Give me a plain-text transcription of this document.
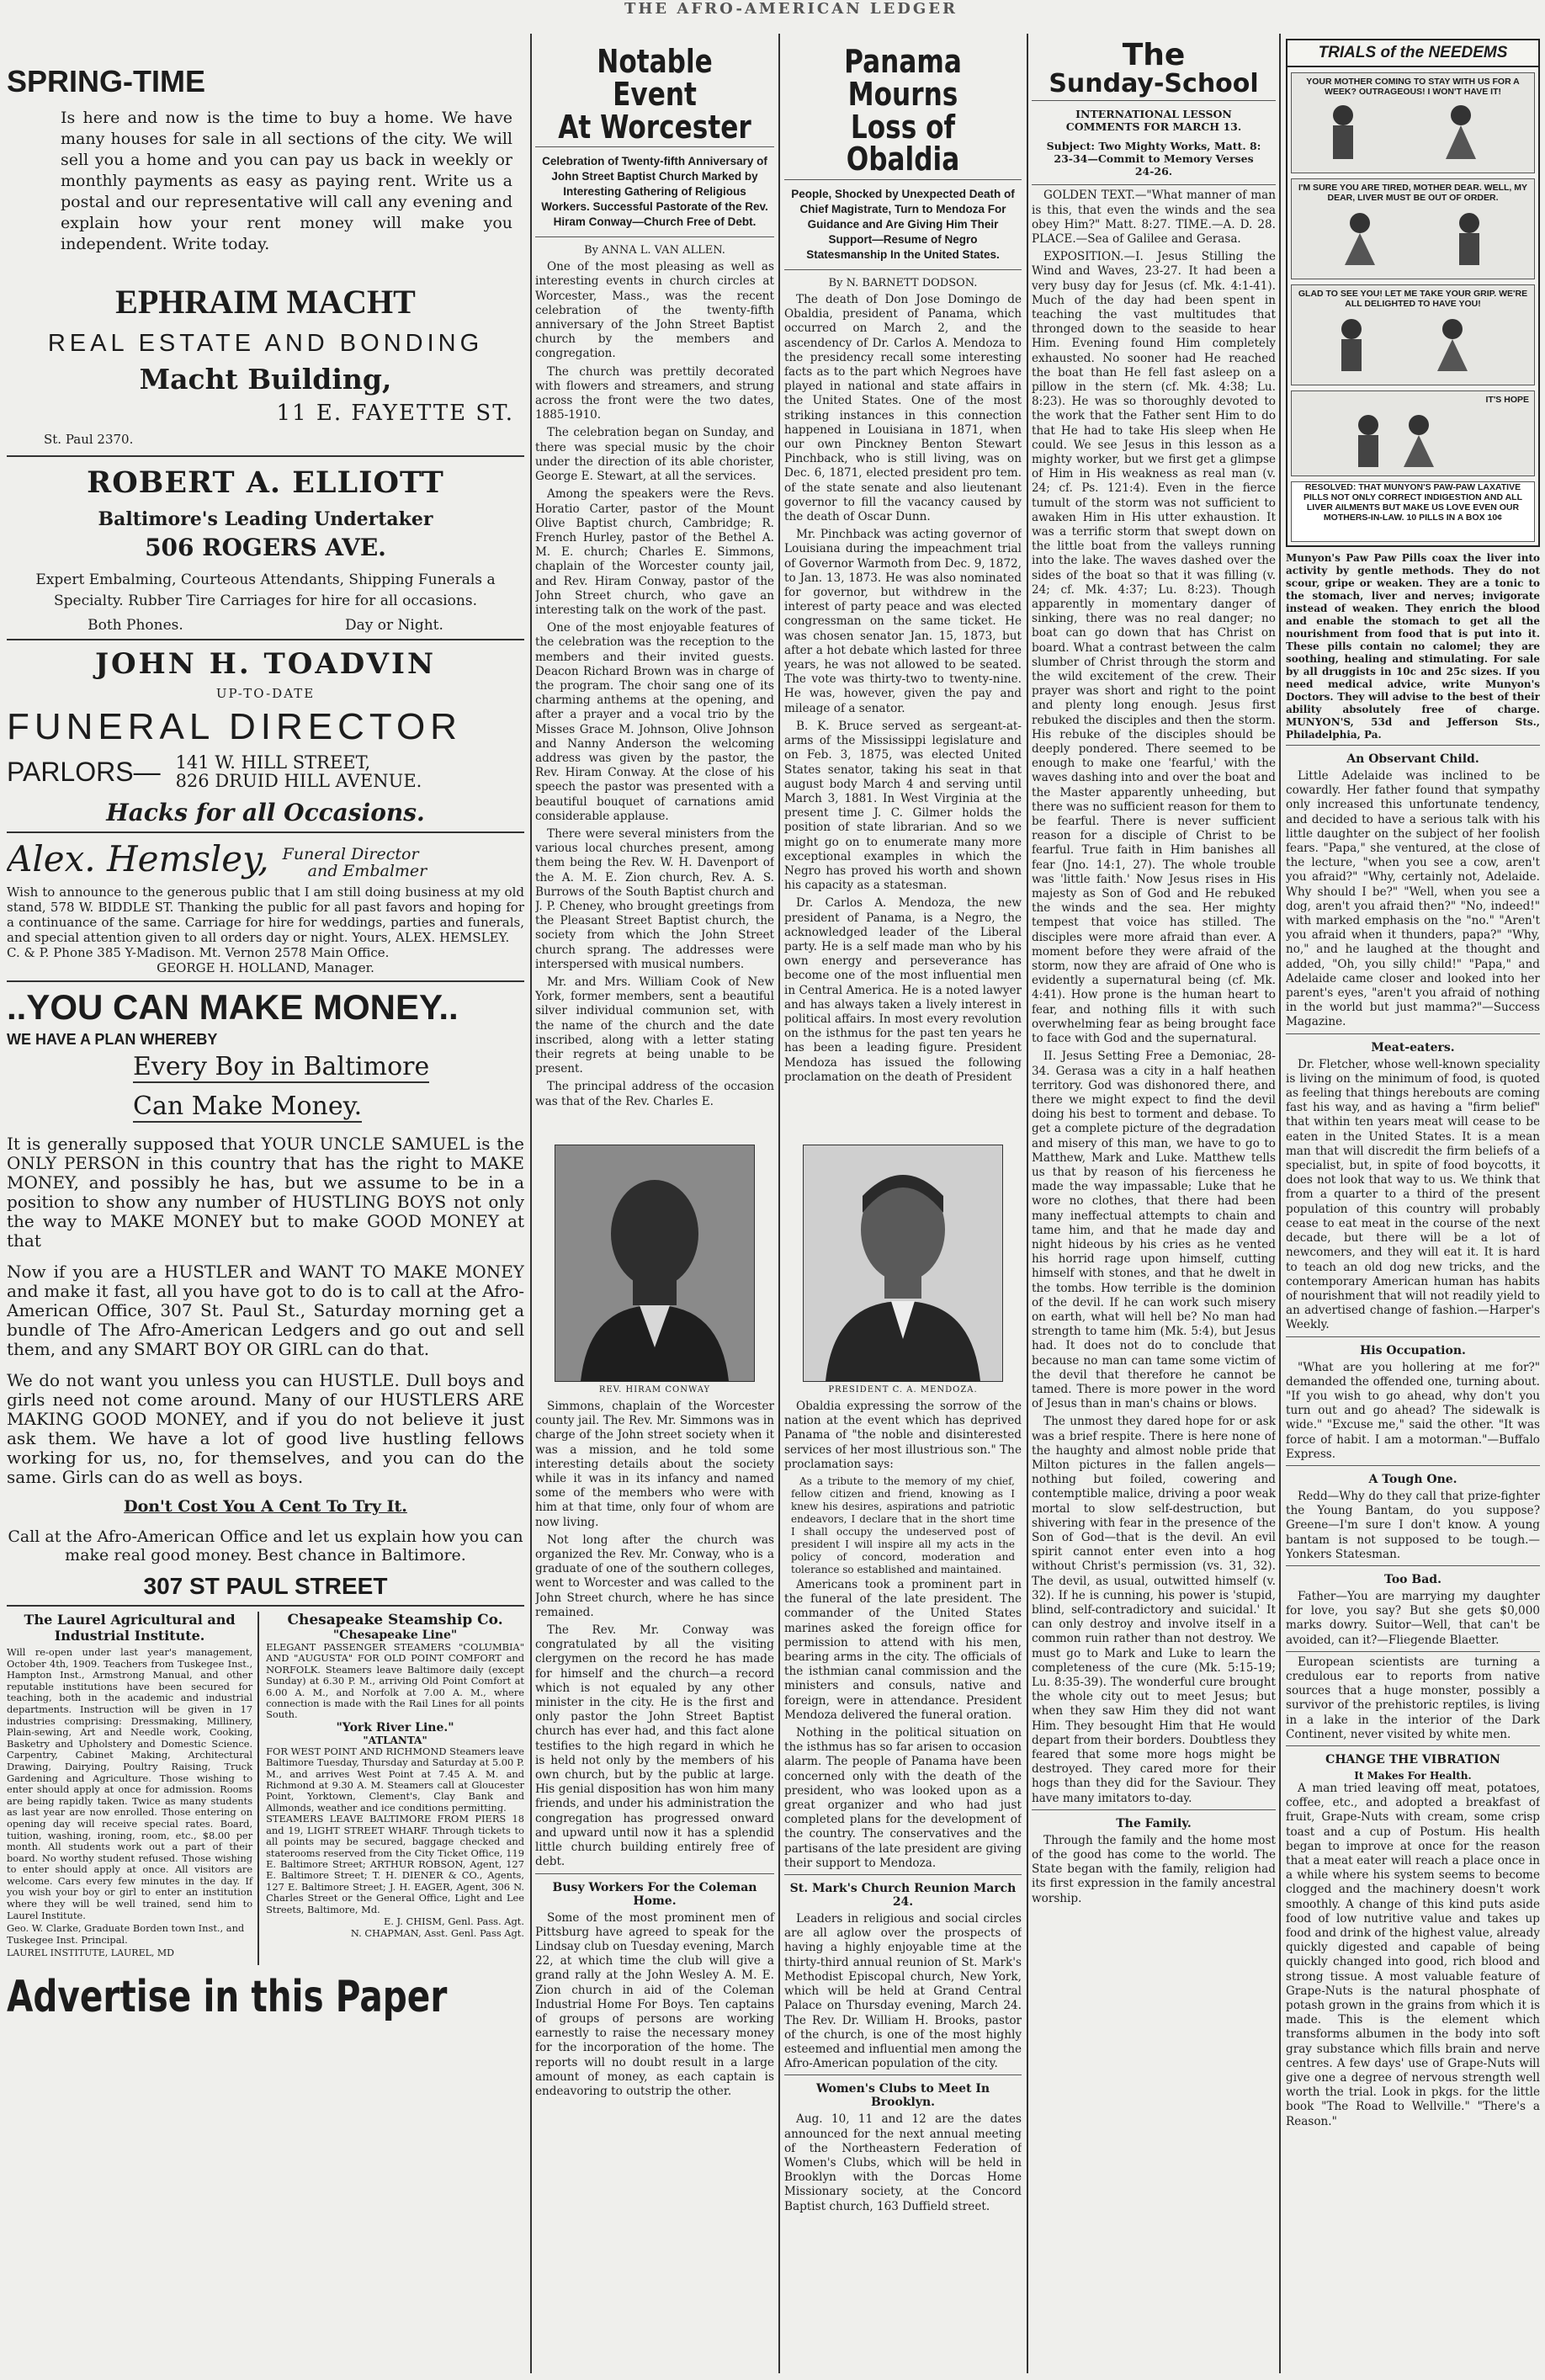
THE AFRO-AMERICAN LEDGER
SPRING-TIME
Is here and now is the time to buy a home. We have many houses for sale in all sections of the city. We will sell you a home and you can pay us back in weekly or monthly payments as easy as paying rent. Write us a postal and our representative will call any evening and explain how your rent money will make you independent. Write today.
EPHRAIM MACHT
REAL ESTATE AND BONDING
Macht Building,
11 E. FAYETTE ST.
St. Paul 2370.
ROBERT A. ELLIOTT
Baltimore's Leading Undertaker
506 ROGERS AVE.
Expert Embalming, Courteous Attendants, Shipping Funerals a Specialty. Rubber Tire Carriages for hire for all occasions.
Both Phones.	Day or Night.
JOHN H. TOADVIN
UP-TO-DATE
FUNERAL DIRECTOR
PARLORS— 141 W. HILL STREET,
826 DRUID HILL AVENUE.
Hacks for all Occasions.
Alex. Hemsley, Funeral Director
and Embalmer
Wish to announce to the generous public that I am still doing business at my old stand, 578 W. BIDDLE ST. Thanking the public for all past favors and hoping for a continuance of the same. Carriage for hire for weddings, parties and funerals, and special attention given to all orders day or night. Yours, ALEX. HEMSLEY.
C. & P. Phone 385 Y-Madison. Mt. Vernon 2578 Main Office.
GEORGE H. HOLLAND, Manager.
..YOU CAN MAKE MONEY..
WE HAVE A PLAN WHEREBY
Every Boy in Baltimore Can Make Money.
It is generally supposed that YOUR UNCLE SAMUEL is the ONLY PERSON in this country that has the right to MAKE MONEY, and possibly he has, but we assume to be in a position to show any number of HUSTLING BOYS not only the way to MAKE MONEY but to make GOOD MONEY at that
Now if you are a HUSTLER and WANT TO MAKE MONEY and make it fast, all you have got to do is to call at the Afro-American Office, 307 St. Paul St., Saturday morning get a bundle of The Afro-American Ledgers and go out and sell them, and any SMART BOY OR GIRL can do that.
We do not want you unless you can HUSTLE. Dull boys and girls need not come around. Many of our HUSTLERS ARE MAKING GOOD MONEY, and if you do not believe it just ask them. We have a lot of good live hustling fellows working for us, no, for themselves, and you can do the same. Girls can do as well as boys.
Don't Cost You A Cent To Try It.
Call at the Afro-American Office and let us explain how you can make real good money. Best chance in Baltimore.
307 ST PAUL STREET
The Laurel Agricultural and Industrial Institute.
Will re-open under last year's management, October 4th, 1909. Teachers from Tuskegee Inst., Hampton Inst., Armstrong Manual, and other reputable institutions have been secured for teaching, both in the academic and industrial departments. Instruction will be given in 17 industries comprising: Dressmaking, Millinery, Plain-sewing, Art and Needle work, Cooking, Basketry and Upholstery and Domestic Science. Carpentry, Cabinet Making, Architectural Drawing, Dairying, Poultry Raising, Truck Gardening and Agriculture. Those wishing to enter should apply at once for admission. Rooms are being rapidly taken. Twice as many students as last year are now enrolled. Those entering on opening day will receive special rates. Board, tuition, washing, ironing, room, etc., $8.00 per month. All students work out a part of their board. No worthy student refused. Those wishing to enter should apply at once. All visitors are welcome. Cars every few minutes in the day. If you wish your boy or girl to enter an institution where they will be well trained, send him to Laurel Institute.
Geo. W. Clarke, Graduate Borden town Inst., and Tuskegee Inst. Principal.
LAUREL INSTITUTE, LAUREL, MD
Chesapeake Steamship Co.
"Chesapeake Line"
ELEGANT PASSENGER STEAMERS "COLUMBIA" AND "AUGUSTA" FOR OLD POINT COMFORT and NORFOLK. Steamers leave Baltimore daily (except Sunday) at 6.30 P. M., arriving Old Point Comfort at 6.00 A. M., and Norfolk at 7.00 A. M., where connection is made with the Rail Lines for all points South.
"York River Line."
"ATLANTA"
FOR WEST POINT AND RICHMOND Steamers leave Baltimore Tuesday, Thursday and Saturday at 5.00 P. M., and arrives West Point at 7.45 A. M. and Richmond at 9.30 A. M. Steamers call at Gloucester Point, Yorktown, Clement's, Clay Bank and Allmonds, weather and ice conditions permitting.
STEAMERS LEAVE BALTIMORE FROM PIERS 18 and 19, LIGHT STREET WHARF. Through tickets to all points may be secured, baggage checked and staterooms reserved from the City Ticket Office, 119 E. Baltimore Street; ARTHUR ROBSON, Agent, 127 E. Baltimore Street; T. H. DIENER & CO., Agents, 127 E. Baltimore Street; J. H. EAGER, Agent, 306 N. Charles Street or the General Office, Light and Lee Streets, Baltimore, Md.
E. J. CHISM, Genl. Pass. Agt.
N. CHAPMAN, Asst. Genl. Pass Agt.
Advertise in this Paper
Notable Event
At Worcester
Celebration of Twenty-fifth Anniversary of John Street Baptist Church Marked by Interesting Gathering of Religious Workers. Successful Pastorate of the Rev. Hiram Conway—Church Free of Debt.
By ANNA L. VAN ALLEN.

One of the most pleasing as well as interesting events in church circles at Worcester, Mass., was the recent celebration of the twenty-fifth anniversary of the John Street Baptist church by the members and congregation.

The church was prettily decorated with flowers and streamers, and strung across the front were the two dates, 1885-1910.

The celebration began on Sunday, and there was special music by the choir under the direction of its able chorister, George E. Stewart, at all the services.

Among the speakers were the Revs. Horatio Carter, pastor of the Mount Olive Baptist church, Cambridge; R. French Hurley, pastor of the Bethel A. M. E. church; Charles E. Simmons, chaplain of the Worcester county jail, and Rev. Hiram Conway, pastor of the John Street church, who gave an interesting talk on the work of the past.

One of the most enjoyable features of the celebration was the reception to the members and their invited guests. Deacon Richard Brown was in charge of the program. The choir sang one of its charming anthems at the opening, and after a prayer and a vocal trio by the Misses Grace M. Johnson, Olive Johnson and Nanny Anderson the welcoming address was given by the pastor, the Rev. Hiram Conway. At the close of his speech the pastor was presented with a beautiful bouquet of carnations amid considerable applause.

There were several ministers from the various local churches present, among them being the Rev. W. H. Davenport of the A. M. E. Zion church, Rev. A. S. Burrows of the South Baptist church and J. P. Cheney, who brought greetings from the Pleasant Street Baptist church, the society from which the John Street church sprang. The addresses were interspersed with musical numbers.

Mr. and Mrs. William Cook of New York, former members, sent a beautiful silver individual communion set, with the name of the church and the date inscribed, along with a letter stating their regrets at being unable to be present.

The principal address of the occasion was that of the Rev. Charles E.

Panama Mourns
Loss of Obaldia
People, Shocked by Unexpected Death of Chief Magistrate, Turn to Mendoza For Guidance and Are Giving Him Their Support—Resume of Negro Statesmanship In the United States.
By N. BARNETT DODSON.

The death of Don Jose Domingo de Obaldia, president of Panama, which occurred on March 2, and the ascendency of Dr. Carlos A. Mendoza to the presidency recall some interesting facts as to the part which Negroes have played in national and state affairs in the United States. One of the most striking instances in this connection happened in Louisiana in 1871, when our own Pinckney Benton Stewart Pinchback, who is still living, was on Dec. 6, 1871, elected president pro tem. of the state senate and also lieutenant governor to fill the vacancy caused by the death of Oscar Dunn.

Mr. Pinchback was acting governor of Louisiana during the impeachment trial of Governor Warmoth from Dec. 9, 1872, to Jan. 13, 1873. He was also nominated for governor, but withdrew in the interest of party peace and was elected congressman on the same ticket. He was chosen senator Jan. 15, 1873, but after a hot debate which lasted for three years, he was not allowed to be seated. The vote was thirty-two to twenty-nine. He was, however, given the pay and mileage of a senator.

B. K. Bruce served as sergeant-at-arms of the Mississippi legislature and on Feb. 3, 1875, was elected United States senator, taking his seat in that august body March 4 and serving until March 3, 1881. In West Virginia at the present time J. C. Gilmer holds the position of state librarian. And so we might go on to enumerate many more exceptional examples in which the Negro has proved his worth and shown his capacity as a statesman.

Dr. Carlos A. Mendoza, the new president of Panama, is a Negro, the acknowledged leader of the Liberal party. He is a self made man who by his own energy and perseverance has become one of the most influential men in Central America. He is a noted lawyer and has always taken a lively interest in political affairs. In most every revolution on the isthmus for the past ten years he has been a leading figure. President Mendoza has issued the following proclamation on the death of President

REV. HIRAM CONWAY	PRESIDENT C. A. MENDOZA.

Simmons, chaplain of the Worcester county jail. The Rev. Mr. Simmons was in charge of the John street society when it was a mission, and he told some interesting details about the society while it was in its infancy and named some of the members who were with him at that time, only four of whom are now living.

Not long after the church was organized the Rev. Mr. Conway, who is a graduate of one of the southern colleges, went to Worcester and was called to the John Street church, where he has since remained.

The Rev. Mr. Conway was congratulated by all the visiting clergymen on the record he has made for himself and the church—a record which is not equaled by any other minister in the city. He is the first and only pastor the John Street Baptist church has ever had, and this fact alone testifies to the high regard in which he is held not only by the members of his own church, but by the public at large. His genial disposition has won him many friends, and under his administration the congregation has progressed onward and upward until now it has a splendid little church building entirely free of debt.

Busy Workers For the Coleman Home.

Some of the most prominent men of Pittsburg have agreed to speak for the Lindsay club on Tuesday evening, March 22, at which time the club will give a grand rally at the John Wesley A. M. E. Zion church in aid of the Coleman Industrial Home For Boys. Ten captains of groups of persons are working earnestly to raise the necessary money for the incorporation of the home. The reports will no doubt result in a large amount of money, as each captain is endeavoring to outstrip the other.

Obaldia expressing the sorrow of the nation at the event which has deprived Panama of "the noble and disinterested services of her most illustrious son." The proclamation says:

As a tribute to the memory of my chief, fellow citizen and friend, knowing as I knew his desires, aspirations and patriotic endeavors, I declare that in the short time I shall occupy the undeserved post of president I will inspire all my acts in the policy of concord, moderation and tolerance so established and maintained.

Americans took a prominent part in the funeral of the late president. The commander of the United States marines asked the foreign office for permission to attend with his men, bearing arms in the city. The officials of the isthmian canal commission and the ministers and consuls, native and foreign, were in attendance. President Mendoza delivered the funeral oration.

Nothing in the political situation on the isthmus has so far arisen to occasion alarm. The people of Panama have been concerned only with the death of the president, who was looked upon as a great organizer and who had just completed plans for the development of the country. The conservatives and the partisans of the late president are giving their support to Mendoza.

St. Mark's Church Reunion March 24.

Leaders in religious and social circles are all aglow over the prospects of having a highly enjoyable time at the thirty-third annual reunion of St. Mark's Methodist Episcopal church, New York, which will be held at Grand Central Palace on Thursday evening, March 24. The Rev. Dr. William H. Brooks, pastor of the church, is one of the most highly esteemed and influential men among the Afro-American population of the city.

Women's Clubs to Meet In Brooklyn.

Aug. 10, 11 and 12 are the dates announced for the next annual meeting of the Northeastern Federation of Women's Clubs, which will be held in Brooklyn with the Dorcas Home Missionary society, at the Concord Baptist church, 163 Duffield street.

The
Sunday-School
INTERNATIONAL LESSON COMMENTS FOR MARCH 13.
Subject: Two Mighty Works, Matt. 8: 23-34—Commit to Memory Verses 24-26.

GOLDEN TEXT.—"What manner of man is this, that even the winds and the sea obey Him?" Matt. 8:27. TIME.—A. D. 28. PLACE.—Sea of Galilee and Gerasa.

EXPOSITION.—I. Jesus Stilling the Wind and Waves, 23-27. It had been a very busy day for Jesus (cf. Mk. 4:1-41). Much of the day had been spent in teaching the vast multitudes that thronged down to the seaside to hear Him. Evening found Him completely exhausted. No sooner had He reached the boat than He fell fast asleep on a pillow in the stern (cf. Mk. 4:38; Lu. 8:23). He was so thoroughly devoted to the work that the Father sent Him to do that He had to take His sleep when He could. We see Jesus in this lesson as a mighty worker, but we first get a glimpse of Him in His weakness as real man (v. 24; cf. Ps. 121:4). Even in the fierce tumult of the storm was not sufficient to awaken Him in His utter exhaustion. It was a terrific storm that swept down on the little boat from the valleys running into the lake. The waves dashed over the sides of the boat so that it was filling (v. 24; cf. Mk. 4:37; Lu. 8:23). Though apparently in momentary danger of sinking, there was no real danger; no boat can go down that has Christ on board. What a contrast between the calm slumber of Christ through the storm and the wild excitement of the crew. Their prayer was short and right to the point and plenty long enough. Jesus first rebuked the disciples and then the storm. His rebuke of the disciples should be deeply pondered. There seemed to be enough to make one 'fearful,' with the waves dashing into and over the boat and the Master apparently unheeding, but there was no sufficient reason for them to be fearful. There is never sufficient reason for a disciple of Christ to be fearful. True faith in Him banishes all fear (Jno. 14:1, 27). The whole trouble was 'little faith.' Now Jesus rises in His majesty as Son of God and He rebuked the winds and the sea. Her mighty tempest that voice has stilled. The disciples were more afraid than ever. A moment before they were afraid of the storm, now they are afraid of One who is evidently a supernatural being (cf. Mk. 4:41). How prone is the human heart to fear, and nothing fills it with such overwhelming fear as being brought face to face with God and the supernatural.

II. Jesus Setting Free a Demoniac, 28-34. Gerasa was a city in a half heathen territory. God was dishonored there, and there we might expect to find the devil doing his best to torment and debase. To get a complete picture of the degradation and misery of this man, we have to go to Matthew, Mark and Luke. Matthew tells us that by reason of his fierceness he made the way impassable; Luke that he wore no clothes, that there had been many ineffectual attempts to chain and tame him, and that he made day and night hideous by his cries as he vented his horrid rage upon himself, cutting himself with stones, and that he dwelt in the tombs. How terrible is the dominion of the devil. If he can work such misery on earth, what will hell be? No man had strength to tame him (Mk. 5:4), but Jesus had. It does not do to conclude that because no man can tame some victim of the devil that therefore he cannot be tamed. There is more power in the word of Jesus than in man's chains or blows.

The unmost they dared hope for or ask was a brief respite. There is here none of the haughty and almost noble pride that Milton pictures in the fallen angels—nothing but foiled, cowering and contemptible malice, driving a poor weak mortal to slow self-destruction, but shivering with fear in the presence of the Son of God—that is the devil. An evil spirit cannot enter even into a hog without Christ's permission (vs. 31, 32). The devil, as usual, outwitted himself (v. 32). If he is cunning, his power is 'stupid, blind, self-contradictory and suicidal.' It can only destroy and involve itself in a common ruin rather than not destroy. We must go to Mark and Luke to learn the completeness of the cure (Mk. 5:15-19; Lu. 8:35-39). The wonderful cure brought the whole city out to meet Jesus; but when they saw Him they did not want Him. They besought Him that He would depart from their borders. Doubtless they feared that some more hogs might be destroyed. They cared more for their hogs than they did for the Saviour. They have many imitators to-day.

The Family.

Through the family and the home most of the good has come to the world. The State began with the family, religion had its first expression in the family ancestral worship.

TRIALS of the NEEDEMS
YOUR MOTHER COMING TO STAY WITH US FOR A WEEK? OUTRAGEOUS! I WON'T HAVE IT!
I'M SURE YOU ARE TIRED, MOTHER DEAR. WELL, MY DEAR, LIVER MUST BE OUT OF ORDER.
GLAD TO SEE YOU! LET ME TAKE YOUR GRIP. WE'RE ALL DELIGHTED TO HAVE YOU!
IT'S HOPE
RESOLVED: THAT MUNYON'S PAW-PAW LAXATIVE PILLS NOT ONLY CORRECT INDIGESTION AND ALL LIVER AILMENTS BUT MAKE US LOVE EVEN OUR MOTHERS-IN-LAW. 10 PILLS IN A BOX 10¢

Munyon's Paw Paw Pills coax the liver into activity by gentle methods. They do not scour, gripe or weaken. They are a tonic to the stomach, liver and nerves; invigorate instead of weaken. They enrich the blood and enable the stomach to get all the nourishment from food that is put into it. These pills contain no calomel; they are soothing, healing and stimulating. For sale by all druggists in 10c and 25c sizes. If you need medical advice, write Munyon's Doctors. They will advise to the best of their ability absolutely free of charge. MUNYON'S, 53d and Jefferson Sts., Philadelphia, Pa.

An Observant Child.

Little Adelaide was inclined to be cowardly. Her father found that sympathy only increased this unfortunate tendency, and decided to have a serious talk with his little daughter on the subject of her foolish fears. "Papa," she ventured, at the close of the lecture, "when you see a cow, aren't you afraid?" "Why, certainly not, Adelaide. Why should I be?" "Well, when you see a dog, aren't you afraid then?" "No, indeed!" with marked emphasis on the "no." "Aren't you afraid when it thunders, papa?" "Why, no," and he laughed at the thought and added, "Oh, you silly child!" "Papa," and Adelaide came closer and looked into her parent's eyes, "aren't you afraid of nothing in the world but just mamma?"—Success Magazine.

Meat-eaters.

Dr. Fletcher, whose well-known speciality is living on the minimum of food, is quoted as feeling that things herebouts are coming fast his way, and as having a "firm belief" that within ten years meat will cease to be eaten in the United States. It is a mean man that will discredit the firm beliefs of a specialist, but, in spite of food boycotts, it does not look that way to us. We think that from a quarter to a third of the present population of this country will probably cease to eat meat in the course of the next decade, but there will be a lot of newcomers, and they will eat it. It is hard to teach an old dog new tricks, and the contemporary American human has habits of nourishment that will not readily yield to an advertised change of fashion.—Harper's Weekly.

His Occupation.

"What are you hollering at me for?" demanded the offended one, turning about. "If you wish to go ahead, why don't you turn out and go ahead? The sidewalk is wide." "Excuse me," said the other. "It was force of habit. I am a motorman."—Buffalo Express.

A Tough One.

Redd—Why do they call that prize-fighter the Young Bantam, do you suppose? Greene—I'm sure I don't know. A young bantam is not supposed to be tough.—Yonkers Statesman.

Too Bad.

Father—You are marrying my daughter for love, you say? But she gets $0,000 marks dowry. Suitor—Well, that can't be avoided, can it?—Fliegende Blaetter.

European scientists are turning a credulous ear to reports from native sources that a huge monster, possibly a survivor of the prehistoric reptiles, is living in a lake in the interior of the Dark Continent, never visited by white men.

CHANGE THE VIBRATION
It Makes For Health.

A man tried leaving off meat, potatoes, coffee, etc., and adopted a breakfast of fruit, Grape-Nuts with cream, some crisp toast and a cup of Postum. His health began to improve at once for the reason that a meat eater will reach a place once in a while where his system seems to become clogged and the machinery doesn't work smoothly. A change of this kind puts aside food of low nutritive value and takes up food and drink of the highest value, already quickly digested and capable of being quickly changed into good, rich blood and strong tissue. A most valuable feature of Grape-Nuts is the natural phosphate of potash grown in the grains from which it is made. This is the element which transforms albumen in the body into soft gray substance which fills brain and nerve centres. A few days' use of Grape-Nuts will give one a degree of nervous strength well worth the trial. Look in pkgs. for the little book "The Road to Wellville." "There's a Reason."
